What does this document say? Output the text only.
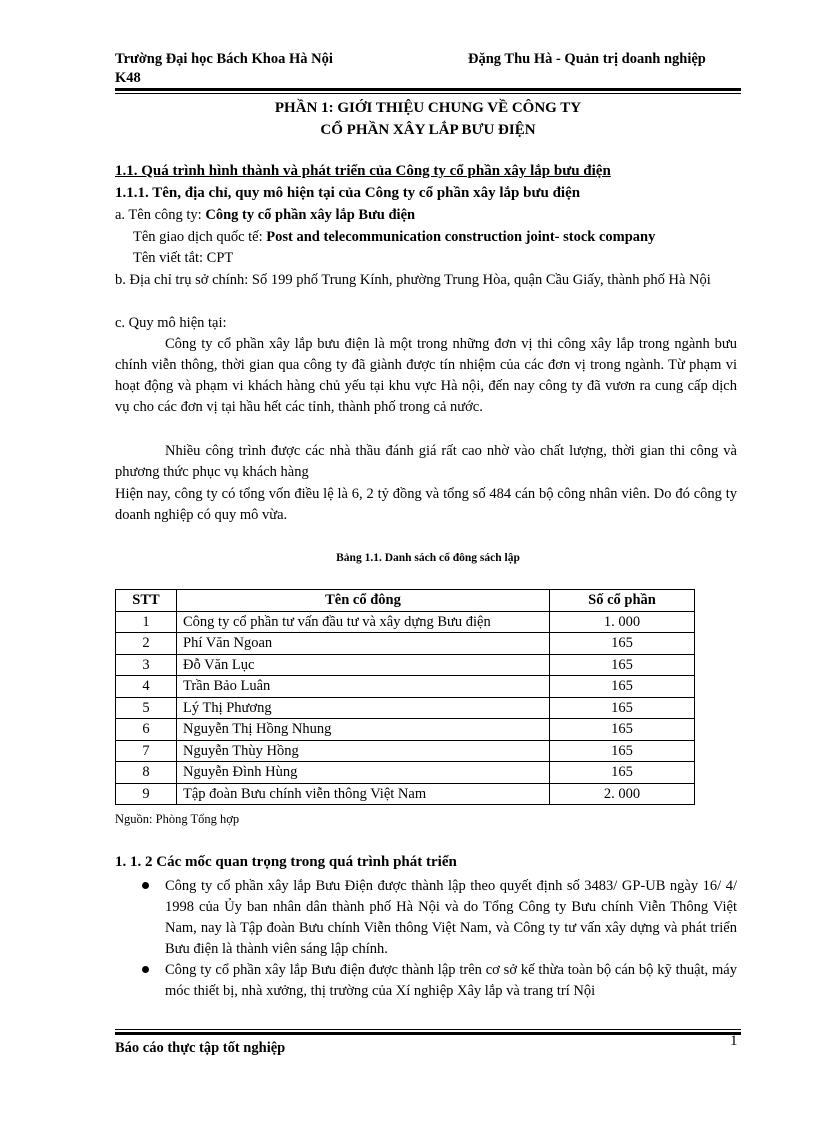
Trường Đại học Bách Khoa Hà Nội
K48
Đặng Thu Hà - Quản trị doanh nghiệp
PHẦN 1: GIỚI THIỆU CHUNG VỀ CÔNG TY
CỔ PHẦN XÂY LẮP BƯU ĐIỆN
1.1. Quá trình hình thành và phát triển của Công ty cổ phần xây lắp bưu điện
1.1.1. Tên, địa chỉ, quy mô hiện tại của Công ty cổ phần xây lắp bưu điện
a. Tên công ty: Công ty cổ phần xây lắp Bưu điện
Tên giao dịch quốc tế: Post and telecommunication construction joint- stock company
Tên viết tắt: CPT
b. Địa chỉ trụ sở chính: Số 199 phố Trung Kính, phường Trung Hòa, quận Cầu Giấy, thành phố Hà Nội
c. Quy mô hiện tại:
Công ty cổ phần xây lắp bưu điện là một trong những đơn vị thi công xây lắp trong ngành bưu chính viễn thông, thời gian qua công ty đã giành được tín nhiệm của các đơn vị trong ngành. Từ phạm vi hoạt động và phạm vi khách hàng chủ yếu tại khu vực Hà nội, đến nay công ty đã vươn ra cung cấp dịch vụ cho các đơn vị tại hầu hết các tỉnh, thành phố trong cả nước.
Nhiều công trình được các nhà thầu đánh giá rất cao nhờ vào chất lượng, thời gian thi công và phương thức phục vụ khách hàng
Hiện nay, công ty có tổng vốn điều lệ là 6, 2 tỷ đồng và tổng số 484 cán bộ công nhân viên. Do đó công ty doanh nghiệp có quy mô vừa.
Bảng 1.1. Danh sách cổ đông sách lập
STT	Tên cổ đông	Số cổ phần
1	Công ty cổ phần tư vấn đầu tư và xây dựng Bưu điện	1. 000
2	Phí Văn Ngoan	165
3	Đỗ Văn Lục	165
4	Trần Bảo Luân	165
5	Lý Thị Phương	165
6	Nguyễn Thị Hồng Nhung	165
7	Nguyễn Thùy Hồng	165
8	Nguyễn Đình Hùng	165
9	Tập đoàn Bưu chính viễn thông Việt Nam	2. 000
Nguồn: Phòng Tổng hợp
1. 1. 2 Các mốc quan trọng trong quá trình phát triển
Công ty cổ phần xây lắp Bưu Điện được thành lập theo quyết định số 3483/ GP-UB ngày 16/ 4/ 1998 của Ủy ban nhân dân thành phố Hà Nội và do Tổng Công ty Bưu chính Viễn Thông Việt Nam, nay là Tập đoàn Bưu chính Viễn thông Việt Nam, và Công ty tư vấn xây dựng và phát triển Bưu điện là thành viên sáng lập chính.
Công ty cổ phần xây lắp Bưu điện được thành lập trên cơ sở kế thừa toàn bộ cán bộ kỹ thuật, máy móc thiết bị, nhà xưởng, thị trường của Xí nghiệp Xây lắp và trang trí Nội
Báo cáo thực tập tốt nghiệp	1
